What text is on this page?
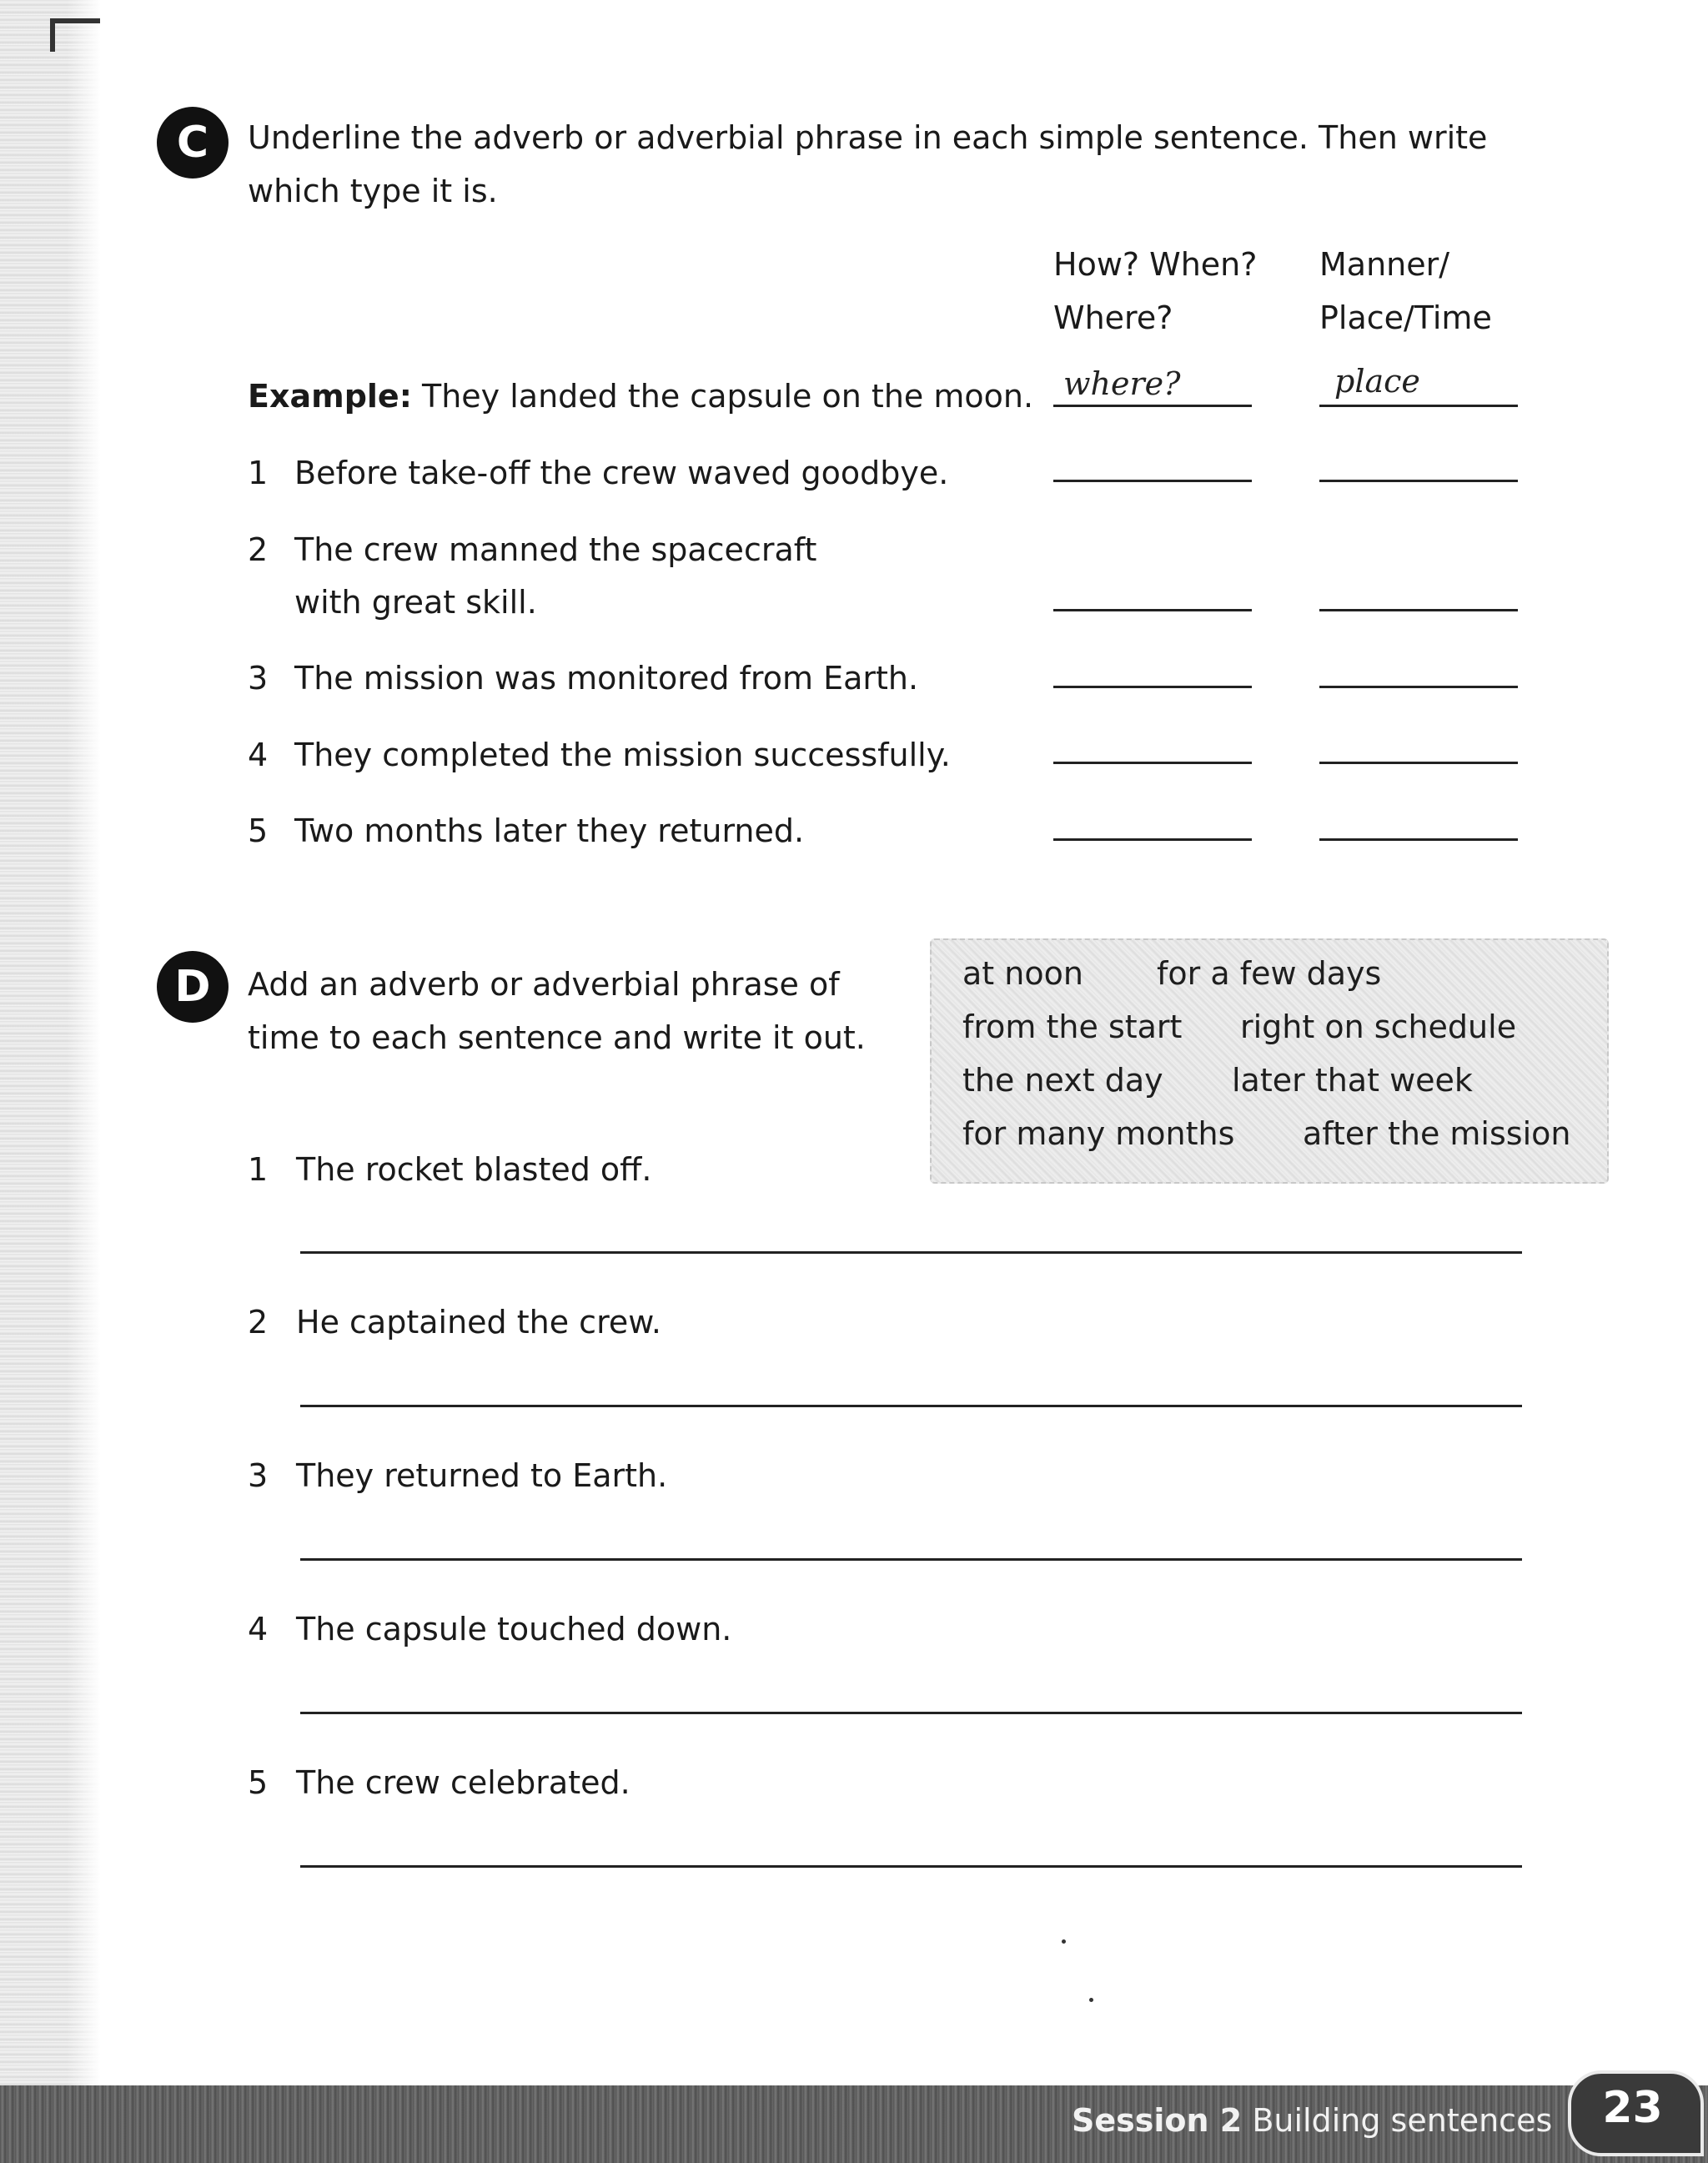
C	Underline the adverb or adverbial phrase in each simple sentence. Then write
which type it is.
How? When?
Where?
Manner/
Place/Time
Example: They landed the capsule on the moon. where?	place
1 Before take-off the crew waved goodbye.
2 The crew manned the spacecraft
with great skill.
3 The mission was monitored from Earth.
4 They completed the mission successfully.
5 Two months later they returned.
D	Add an adverb or adverbial phrase of
time to each sentence and write it out.
at noon for a few days
from the start right on schedule
the next day later that week
for many months after the mission
1 The rocket blasted off.
2 He captained the crew.
3 They returned to Earth.
4 The capsule touched down.
5 The crew celebrated.
Session 2 Building sentences	23
